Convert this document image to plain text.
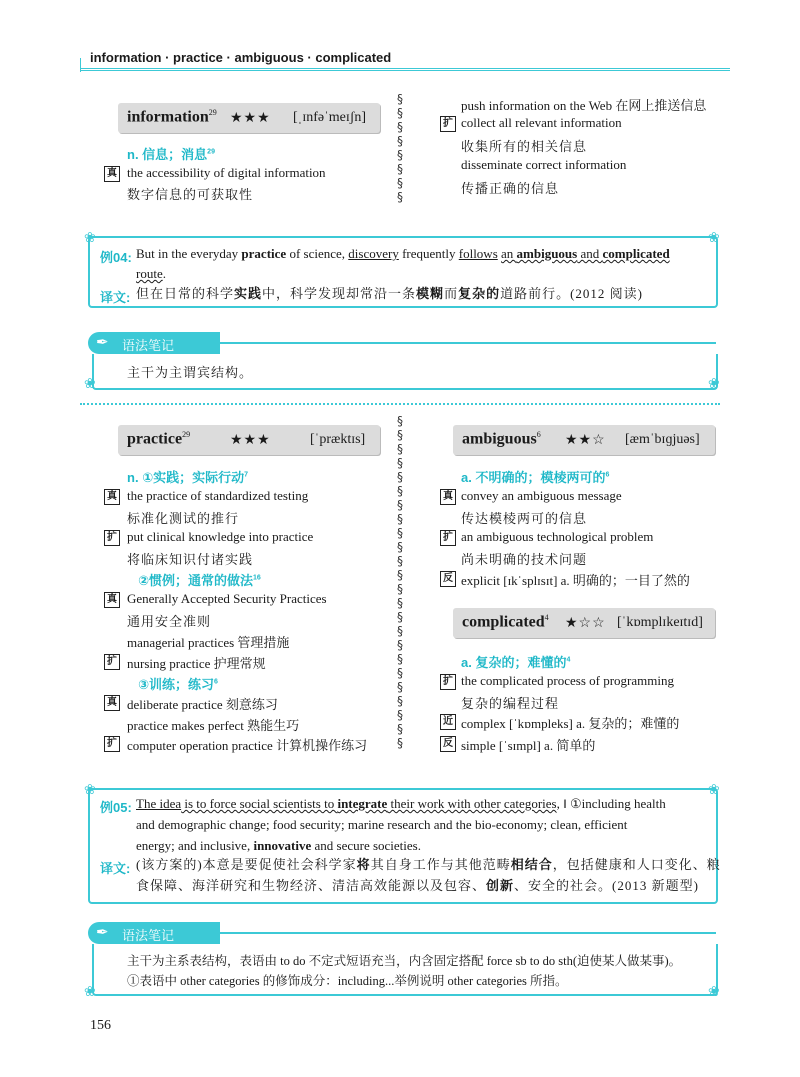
information · practice · ambiguous · complicated
information$^{29}$ ★★★ [ˌɪnfəˈmeɪʃn]
n. 信息；消息$^{29}$
真 the accessibility of digital information
数字信息的可获取性
§
§
§
§
§
§
§
§
push information on the Web 在网上推送信息
扩 collect all relevant information
收集所有的相关信息
disseminate correct information
传播正确的信息
❀	❀
例04: But in the everyday practice of science, discovery frequently follows an ambiguous and complicated
route.
译文: 但在日常的科学实践中，科学发现却常沿一条模糊而复杂的道路前行。(2012 阅读)
✒ 语法笔记
❀	❀
主干为主谓宾结构。
practice$^{29}$	★★★	[ˈpræktɪs]
n. ①实践；实际行动$^7$
真 the practice of standardized testing
标准化测试的推行
扩 put clinical knowledge into practice
将临床知识付诸实践
②惯例；通常的做法$^{16}$
真 Generally Accepted Security Practices
通用安全准则
managerial practices 管理措施
扩 nursing practice 护理常规
③训练；练习$^6$
真 deliberate practice 刻意练习
practice makes perfect 熟能生巧
扩 computer operation practice 计算机操作练习
§
§
§
§
§
§
§
§
§
§
§
§
§
§
§
§
§
§
§
§
§
§
§
§
ambiguous$^6$ ★★☆ [æmˈbɪɡjuəs]
a. 不明确的；模棱两可的$^6$
真 convey an ambiguous message
传达模棱两可的信息
扩 an ambiguous technological problem
尚未明确的技术问题
反 explicit [ɪkˈsplɪsɪt] a. 明确的；一目了然的
complicated$^4$ ★☆☆ [ˈkɒmplɪkeɪtɪd]
a. 复杂的；难懂的$^4$
扩 the complicated process of programming
复杂的编程过程
近 complex [ˈkɒmpleks] a. 复杂的；难懂的
反 simple [ˈsɪmpl] a. 简单的
❀	❀
例05: The idea is to force social scientists to integrate their work with other categories, ‖ ①including health
and demographic change; food security; marine research and the bio-economy; clean, efficient
energy; and inclusive, innovative and secure societies.
译文: (该方案的)本意是要促使社会科学家将其自身工作与其他范畴相结合，包括健康和人口变化、粮
食保障、海洋研究和生物经济、清洁高效能源以及包容、创新、安全的社会。(2013 新题型)
✒ 语法笔记
❀	❀
主干为主系表结构，表语由 to do 不定式短语充当，内含固定搭配 force sb to do sth(迫使某人做某事)。
①表语中 other categories 的修饰成分：including...举例说明 other categories 所指。
156
